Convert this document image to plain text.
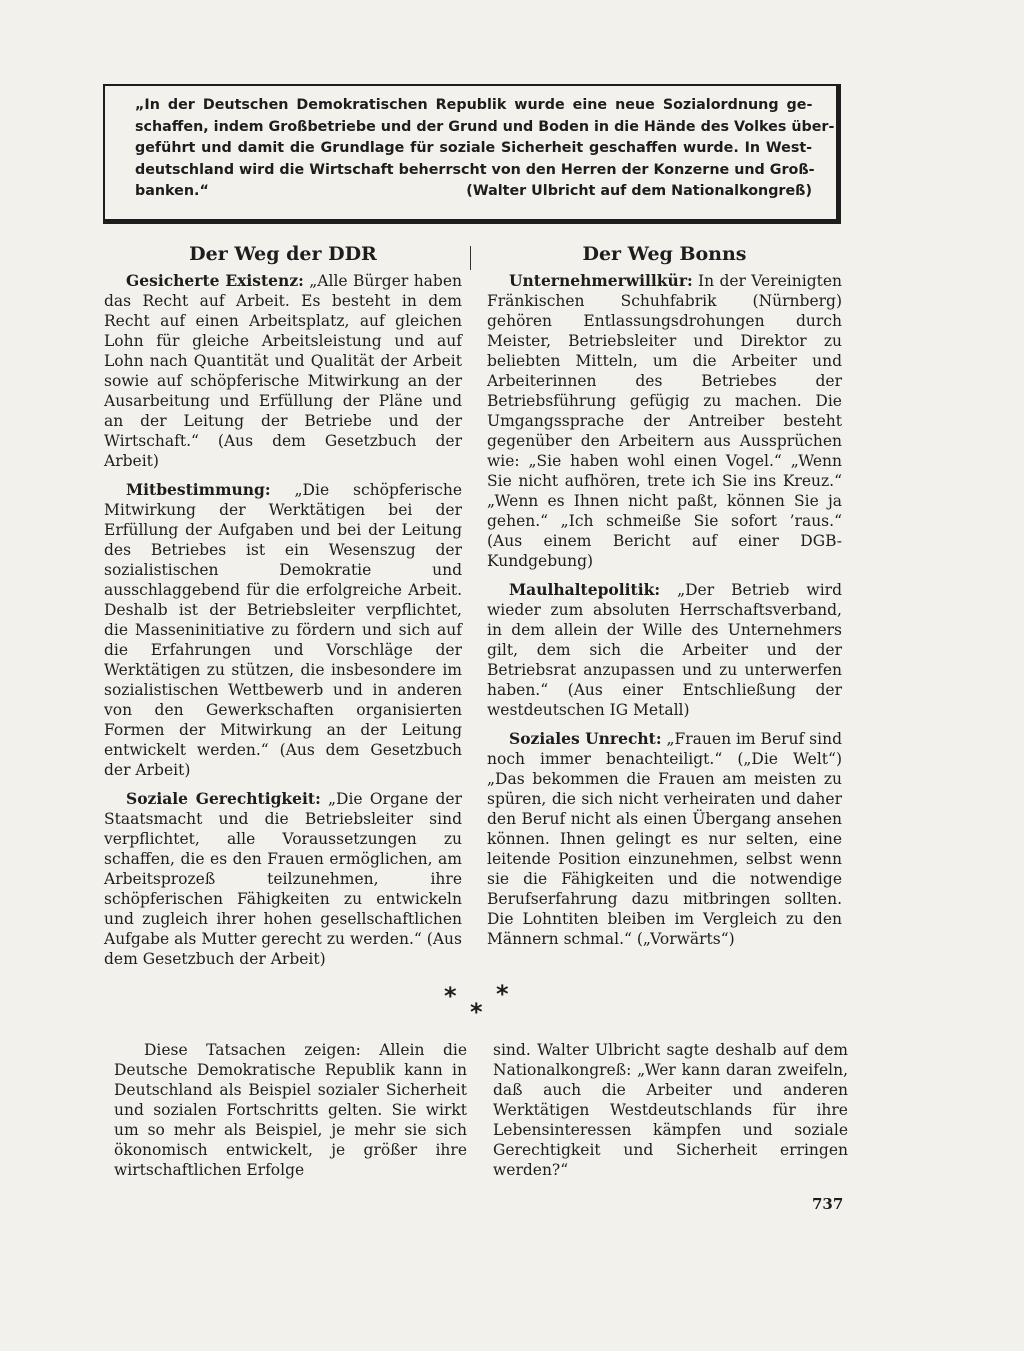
„In der Deutschen Demokratischen Republik wurde eine neue Sozialordnung ge-
schaffen, indem Großbetriebe und der Grund und Boden in die Hände des Volkes über-
geführt und damit die Grundlage für soziale Sicherheit geschaffen wurde. In West-
deutschland wird die Wirtschaft beherrscht von den Herren der Konzerne und Groß-
banken.“	(Walter Ulbricht auf dem Nationalkongreß)
Der Weg der DDR

Gesicherte Existenz: „Alle Bürger haben das Recht auf Arbeit. Es besteht in dem Recht auf einen Arbeitsplatz, auf gleichen Lohn für gleiche Arbeitsleistung und auf Lohn nach Quantität und Qualität der Arbeit sowie auf schöpferische Mitwirkung an der Ausarbeitung und Erfüllung der Pläne und an der Leitung der Betriebe und der Wirtschaft.“ (Aus dem Gesetzbuch der Arbeit)

Mitbestimmung: „Die schöpferische Mitwirkung der Werktätigen bei der Erfüllung der Aufgaben und bei der Leitung des Betriebes ist ein Wesenszug der sozialistischen Demokratie und ausschlaggebend für die erfolgreiche Arbeit. Deshalb ist der Betriebsleiter verpflichtet, die Masseninitiative zu fördern und sich auf die Erfahrungen und Vorschläge der Werktätigen zu stützen, die insbesondere im sozialistischen Wettbewerb und in anderen von den Gewerkschaften organisierten Formen der Mitwirkung an der Leitung entwickelt werden.“ (Aus dem Gesetzbuch der Arbeit)

Soziale Gerechtigkeit: „Die Organe der Staatsmacht und die Betriebsleiter sind verpflichtet, alle Voraussetzungen zu schaffen, die es den Frauen ermöglichen, am Arbeitsprozeß teilzunehmen, ihre schöpferischen Fähigkeiten zu entwickeln und zugleich ihrer hohen gesellschaftlichen Aufgabe als Mutter gerecht zu werden.“ (Aus dem Gesetzbuch der Arbeit)

Der Weg Bonns

Unternehmerwillkür: In der Vereinigten Fränkischen Schuhfabrik (Nürnberg) gehören Entlassungsdrohungen durch Meister, Betriebsleiter und Direktor zu beliebten Mitteln, um die Arbeiter und Arbeiterinnen des Betriebes der Betriebsführung gefügig zu machen. Die Umgangssprache der Antreiber besteht gegenüber den Arbeitern aus Aussprüchen wie: „Sie haben wohl einen Vogel.“ „Wenn Sie nicht aufhören, trete ich Sie ins Kreuz.“ „Wenn es Ihnen nicht paßt, können Sie ja gehen.“ „Ich schmeiße Sie sofort ’raus.“ (Aus einem Bericht auf einer DGB-Kundgebung)

Maulhaltepolitik: „Der Betrieb wird wieder zum absoluten Herrschaftsverband, in dem allein der Wille des Unternehmers gilt, dem sich die Arbeiter und der Betriebsrat anzupassen und zu unterwerfen haben.“ (Aus einer Entschließung der westdeutschen IG Metall)

Soziales Unrecht: „Frauen im Beruf sind noch immer benachteiligt.“ („Die Welt“) „Das bekommen die Frauen am meisten zu spüren, die sich nicht verheiraten und daher den Beruf nicht als einen Übergang ansehen können. Ihnen gelingt es nur selten, eine leitende Position einzunehmen, selbst wenn sie die Fähigkeiten und die notwendige Berufserfahrung dazu mitbringen sollten. Die Lohntiten bleiben im Vergleich zu den Männern schmal.“ („Vorwärts“)

* *
*
Diese Tatsachen zeigen: Allein die Deutsche Demokratische Republik kann in Deutschland als Beispiel sozialer Sicherheit und sozialen Fortschritts gelten. Sie wirkt um so mehr als Beispiel, je mehr sie sich ökonomisch entwickelt, je größer ihre wirtschaftlichen Erfolge
sind. Walter Ulbricht sagte deshalb auf dem Nationalkongreß: „Wer kann daran zweifeln, daß auch die Arbeiter und anderen Werktätigen Westdeutschlands für ihre Lebensinteressen kämpfen und soziale Gerechtigkeit und Sicherheit erringen werden?“
737
